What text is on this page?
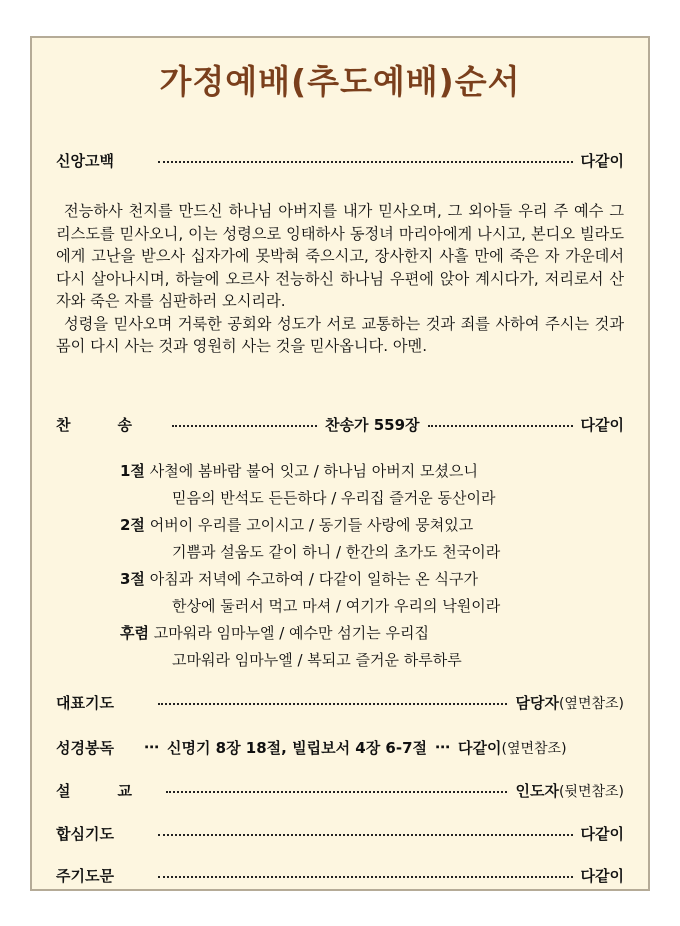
가정예배(추도예배)순서
신앙고백	다같이

전능하사 천지를 만드신 하나님 아버지를 내가 믿사오며, 그 외아들 우리 주 예수 그리스도를 믿사오니, 이는 성령으로 잉태하사 동정녀 마리아에게 나시고, 본디오 빌라도에게 고난을 받으사 십자가에 못박혀 죽으시고, 장사한지 사흘 만에 죽은 자 가운데서 다시 살아나시며, 하늘에 오르사 전능하신 하나님 우편에 앉아 계시다가, 저리로서 산자와 죽은 자를 심판하러 오시리라.

성령을 믿사오며 거룩한 공회와 성도가 서로 교통하는 것과 죄를 사하여 주시는 것과 몸이 다시 사는 것과 영원히 사는 것을 믿사옵니다. 아멘.

찬	송	찬송가 559장	다같이
1절 사철에 봄바람 불어 잇고 / 하나님 아버지 모셨으니
믿음의 반석도 든든하다 / 우리집 즐거운 동산이라
2절 어버이 우리를 고이시고 / 동기들 사랑에 뭉쳐있고
기쁨과 설움도 같이 하니 / 한간의 초가도 천국이라
3절 아침과 저녁에 수고하여 / 다같이 일하는 온 식구가
한상에 둘러서 먹고 마셔 / 여기가 우리의 낙원이라
후렴 고마워라 임마누엘 / 예수만 섬기는 우리집
고마워라 임마누엘 / 복되고 즐거운 하루하루
대표기도	담당자(옆면참조)
성경봉독 ⋯ 신명기 8장 18절, 빌립보서 4장 6-7절 ⋯ 다같이(옆면참조)
설	교	인도자(뒷면참조)
합심기도	다같이
주기도문	다같이
